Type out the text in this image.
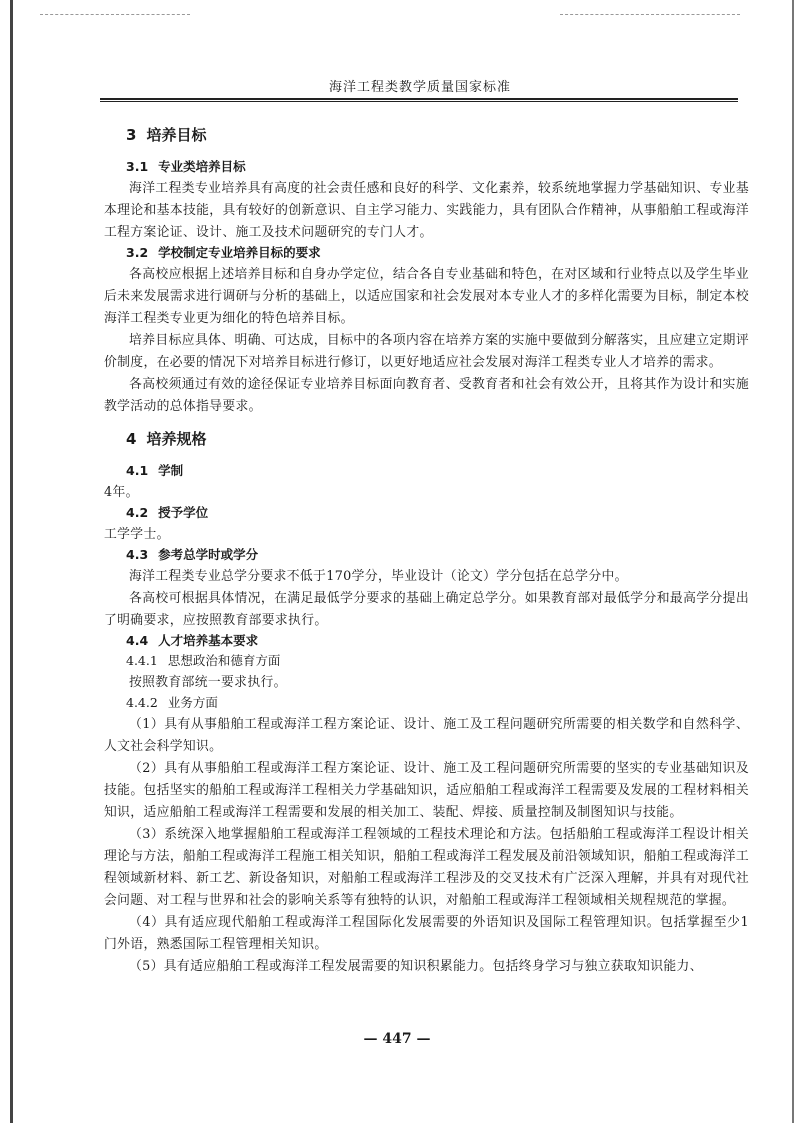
海洋工程类教学质量国家标准
3 培养目标
3.1 专业类培养目标

海洋工程类专业培养具有高度的社会责任感和良好的科学、文化素养，较系统地掌握力学基础知识、专业基本理论和基本技能，具有较好的创新意识、自主学习能力、实践能力，具有团队合作精神，从事船舶工程或海洋工程方案论证、设计、施工及技术问题研究的专门人才。

3.2 学校制定专业培养目标的要求

各高校应根据上述培养目标和自身办学定位，结合各自专业基础和特色，在对区域和行业特点以及学生毕业后未来发展需求进行调研与分析的基础上，以适应国家和社会发展对本专业人才的多样化需要为目标，制定本校海洋工程类专业更为细化的特色培养目标。

培养目标应具体、明确、可达成，目标中的各项内容在培养方案的实施中要做到分解落实，且应建立定期评价制度，在必要的情况下对培养目标进行修订，以更好地适应社会发展对海洋工程类专业人才培养的需求。

各高校须通过有效的途径保证专业培养目标面向教育者、受教育者和社会有效公开，且将其作为设计和实施教学活动的总体指导要求。

4 培养规格
4.1 学制

4年。

4.2 授予学位

工学学士。

4.3 参考总学时或学分

海洋工程类专业总学分要求不低于170学分，毕业设计（论文）学分包括在总学分中。

各高校可根据具体情况，在满足最低学分要求的基础上确定总学分。如果教育部对最低学分和最高学分提出了明确要求，应按照教育部要求执行。

4.4 人才培养基本要求
4.4.1 思想政治和德育方面

按照教育部统一要求执行。

4.4.2 业务方面

（1）具有从事船舶工程或海洋工程方案论证、设计、施工及工程问题研究所需要的相关数学和自然科学、人文社会科学知识。

（2）具有从事船舶工程或海洋工程方案论证、设计、施工及工程问题研究所需要的坚实的专业基础知识及技能。包括坚实的船舶工程或海洋工程相关力学基础知识，适应船舶工程或海洋工程需要及发展的工程材料相关知识，适应船舶工程或海洋工程需要和发展的相关加工、装配、焊接、质量控制及制图知识与技能。

（3）系统深入地掌握船舶工程或海洋工程领域的工程技术理论和方法。包括船舶工程或海洋工程设计相关理论与方法，船舶工程或海洋工程施工相关知识，船舶工程或海洋工程发展及前沿领域知识，船舶工程或海洋工程领域新材料、新工艺、新设备知识，对船舶工程或海洋工程涉及的交叉技术有广泛深入理解，并具有对现代社会问题、对工程与世界和社会的影响关系等有独特的认识，对船舶工程或海洋工程领域相关规程规范的掌握。

（4）具有适应现代船舶工程或海洋工程国际化发展需要的外语知识及国际工程管理知识。包括掌握至少1门外语，熟悉国际工程管理相关知识。

（5）具有适应船舶工程或海洋工程发展需要的知识积累能力。包括终身学习与独立获取知识能力、

— 447 —
